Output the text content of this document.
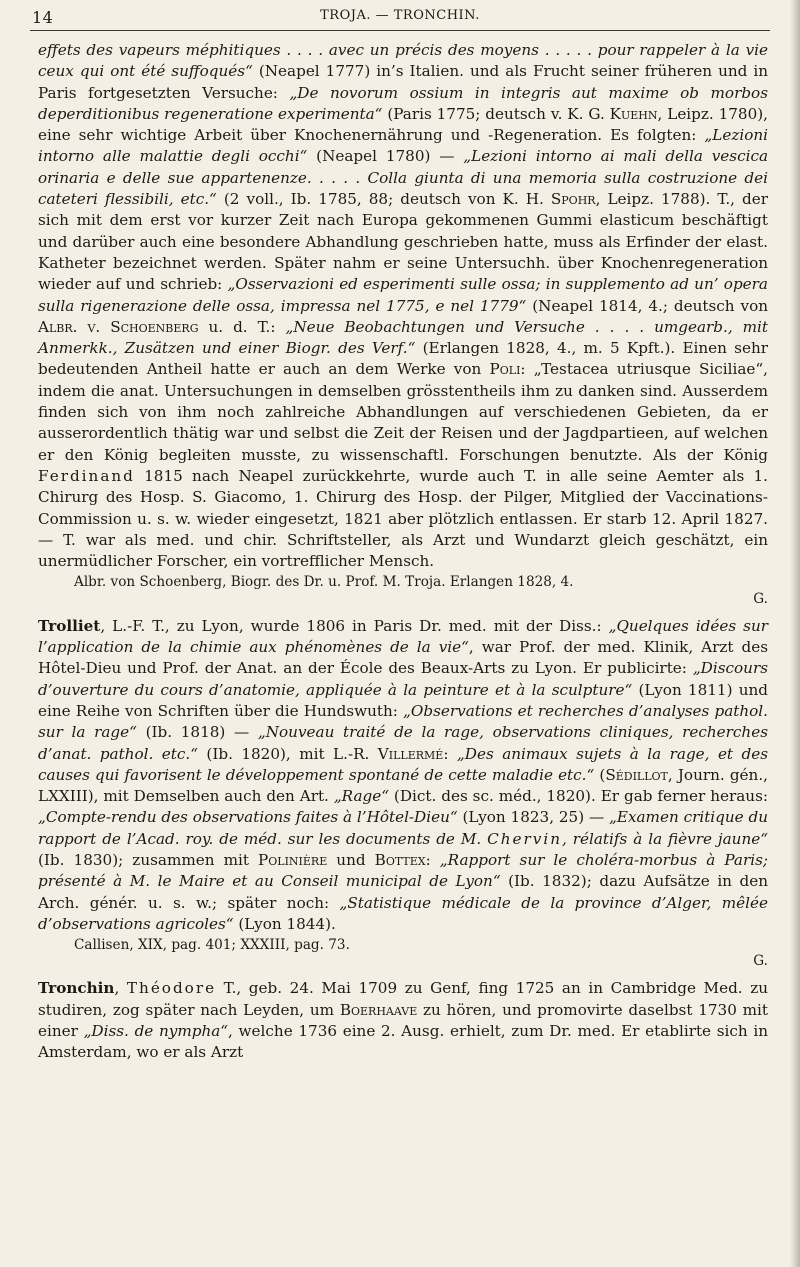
14	TROJA. — TRONCHIN.

effets des vapeurs méphitiques . . . . avec un précis des moyens . . . . . pour rappeler à la vie ceux qui ont été suffoqués“ (Neapel 1777) in’s Italien. und als Frucht seiner früheren und in Paris fortgesetzten Versuche: „De novorum ossium in integris aut maxime ob morbos deperditionibus regeneratione experimenta“ (Paris 1775; deutsch v. K. G. Kuehn, Leipz. 1780), eine sehr wichtige Arbeit über Knochenernährung und -Regeneration. Es folgten: „Lezioni intorno alle malattie degli occhi“ (Neapel 1780) — „Lezioni intorno ai mali della vescica orinaria e delle sue appartenenze. . . . . Colla giunta di una memoria sulla costruzione dei cateteri flessibili, etc.“ (2 voll., Ib. 1785, 88; deutsch von K. H. Spohr, Leipz. 1788). T., der sich mit dem erst vor kurzer Zeit nach Europa gekommenen Gummi elasticum beschäftigt und darüber auch eine besondere Abhandlung geschrieben hatte, muss als Erfinder der elast. Katheter bezeichnet werden. Später nahm er seine Untersuchh. über Knochenregeneration wieder auf und schrieb: „Osservazioni ed esperimenti sulle ossa; in supplemento ad un’ opera sulla rigenerazione delle ossa, impressa nel 1775, e nel 1779“ (Neapel 1814, 4.; deutsch von Albr. v. Schoenberg u. d. T.: „Neue Beobachtungen und Versuche . . . . umgearb., mit Anmerkk., Zusätzen und einer Biogr. des Verf.“ (Erlangen 1828, 4., m. 5 Kpft.). Einen sehr bedeutenden Antheil hatte er auch an dem Werke von Poli: „Testacea utriusque Siciliae“, indem die anat. Untersuchungen in demselben grösstentheils ihm zu danken sind. Ausserdem finden sich von ihm noch zahlreiche Abhandlungen auf verschiedenen Gebieten, da er ausserordentlich thätig war und selbst die Zeit der Reisen und der Jagdpartieen, auf welchen er den König begleiten musste, zu wissenschaftl. Forschungen benutzte. Als der König Ferdinand 1815 nach Neapel zurückkehrte, wurde auch T. in alle seine Aemter als 1. Chirurg des Hosp. S. Giacomo, 1. Chirurg des Hosp. der Pilger, Mitglied der Vaccinations-Commission u. s. w. wieder eingesetzt, 1821 aber plötzlich entlassen. Er starb 12. April 1827. — T. war als med. und chir. Schriftsteller, als Arzt und Wundarzt gleich geschätzt, ein unermüdlicher Forscher, ein vortrefflicher Mensch.

Albr. von Schoenberg, Biogr. des Dr. u. Prof. M. Troja. Erlangen 1828, 4.

G.

Trolliet, L.-F. T., zu Lyon, wurde 1806 in Paris Dr. med. mit der Diss.: „Quelques idées sur l’application de la chimie aux phénomènes de la vie“, war Prof. der med. Klinik, Arzt des Hôtel-Dieu und Prof. der Anat. an der École des Beaux-Arts zu Lyon. Er publicirte: „Discours d’ouverture du cours d’anatomie, appliquée à la peinture et à la sculpture“ (Lyon 1811) und eine Reihe von Schriften über die Hundswuth: „Observations et recherches d’analyses pathol. sur la rage“ (Ib. 1818) — „Nouveau traité de la rage, observations cliniques, recherches d’anat. pathol. etc.“ (Ib. 1820), mit L.-R. Villermé: „Des animaux sujets à la rage, et des causes qui favorisent le développement spontané de cette maladie etc.“ (Sédillot, Journ. gén., LXXIII), mit Demselben auch den Art. „Rage“ (Dict. des sc. méd., 1820). Er gab ferner heraus: „Compte-rendu des observations faites à l’Hôtel-Dieu“ (Lyon 1823, 25) — „Examen critique du rapport de l’Acad. roy. de méd. sur les documents de M. Chervin, rélatifs à la fièvre jaune“ (Ib. 1830); zusammen mit Polinière und Bottex: „Rapport sur le choléra-morbus à Paris; présenté à M. le Maire et au Conseil municipal de Lyon“ (Ib. 1832); dazu Aufsätze in den Arch. génér. u. s. w.; später noch: „Statistique médicale de la province d’Alger, mêlée d’observations agricoles“ (Lyon 1844).

Callisen, XIX, pag. 401; XXXIII, pag. 73.

G.

Tronchin, Théodore T., geb. 24. Mai 1709 zu Genf, fing 1725 an in Cambridge Med. zu studiren, zog später nach Leyden, um Boerhaave zu hören, und promovirte daselbst 1730 mit einer „Diss. de nympha“, welche 1736 eine 2. Ausg. erhielt, zum Dr. med. Er etablirte sich in Amsterdam, wo er als Arzt
